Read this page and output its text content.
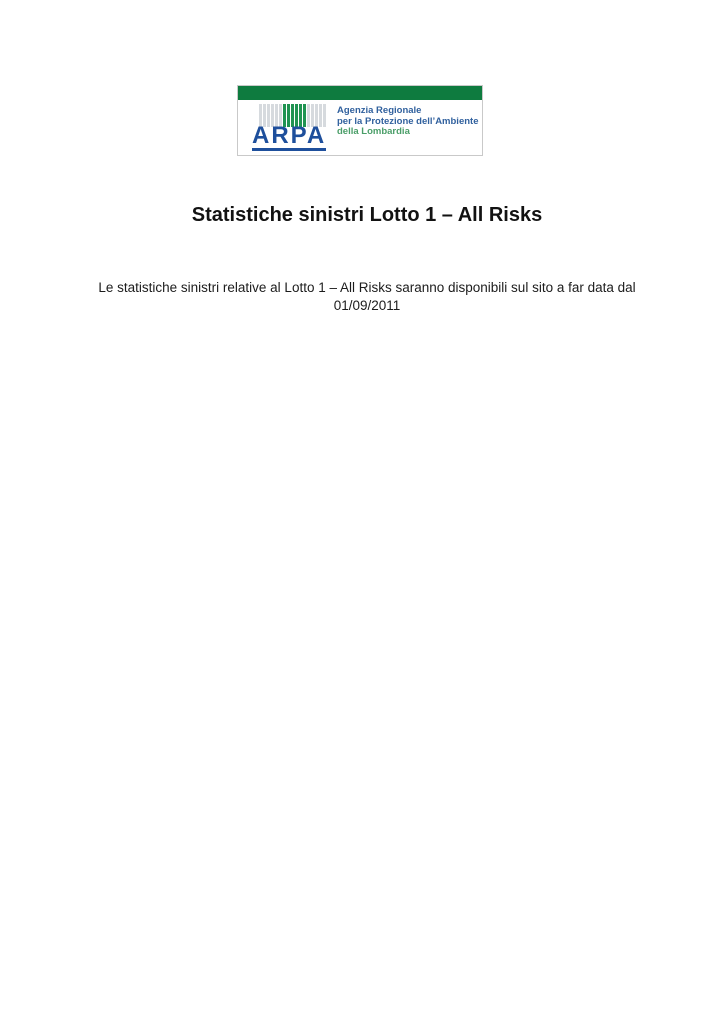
ARPA
Agenzia Regionale
per la Protezione dell’Ambiente
della Lombardia
Statistiche sinistri Lotto 1 – All Risks
Le statistiche sinistri relative al Lotto 1 – All Risks saranno disponibili sul sito a far data dal
01/09/2011
